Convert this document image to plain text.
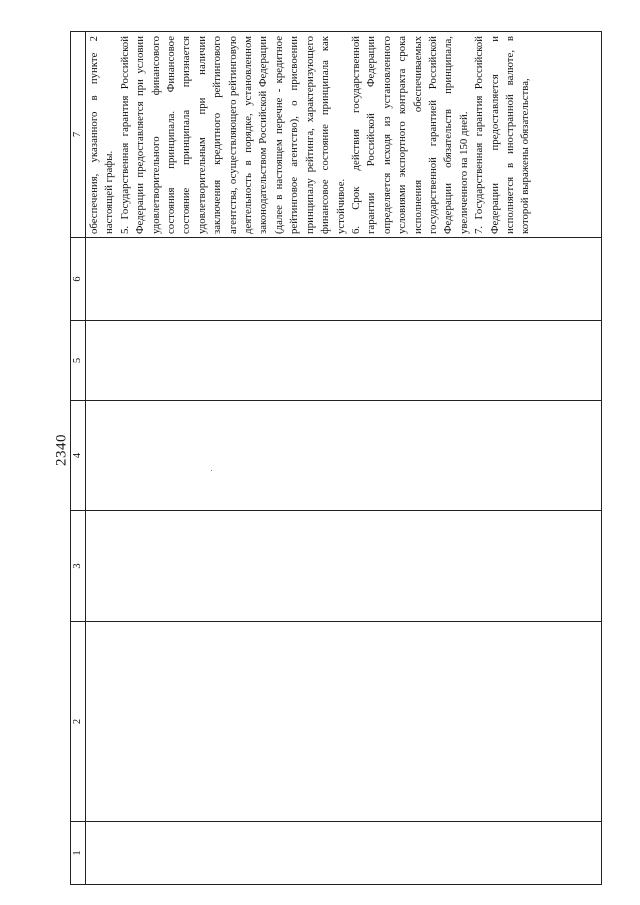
2340
1	2	3	4	5	6	7

						обеспечения, указанного в пункте 2 настоящей графы. 5. Государственная гарантия Российской Федерации предоставляется при условии удовлетворительного финансового состояния принципала. Финансовое состояние принципала признается удовлетворительным при наличии заключения кредитного рейтингового агентства, осуществляющего рейтинговую деятельность в порядке, установленном законодательством Российской Федерации (далее в настоящем перечне - кредитное рейтинговое агентство), о присвоении принципалу рейтинга, характеризующего финансовое состояние принципала как устойчивое. 6. Срок действия государственной гарантии Российской Федерации определяется исходя из установленного условиями экспортного контракта срока исполнения обеспечиваемых государственной гарантией Российской Федерации обязательств принципала, увеличенного на 150 дней. 7. Государственная гарантия Российской Федерации предоставляется и исполняется в иностранной валюте, в которой выражены обязательства,
